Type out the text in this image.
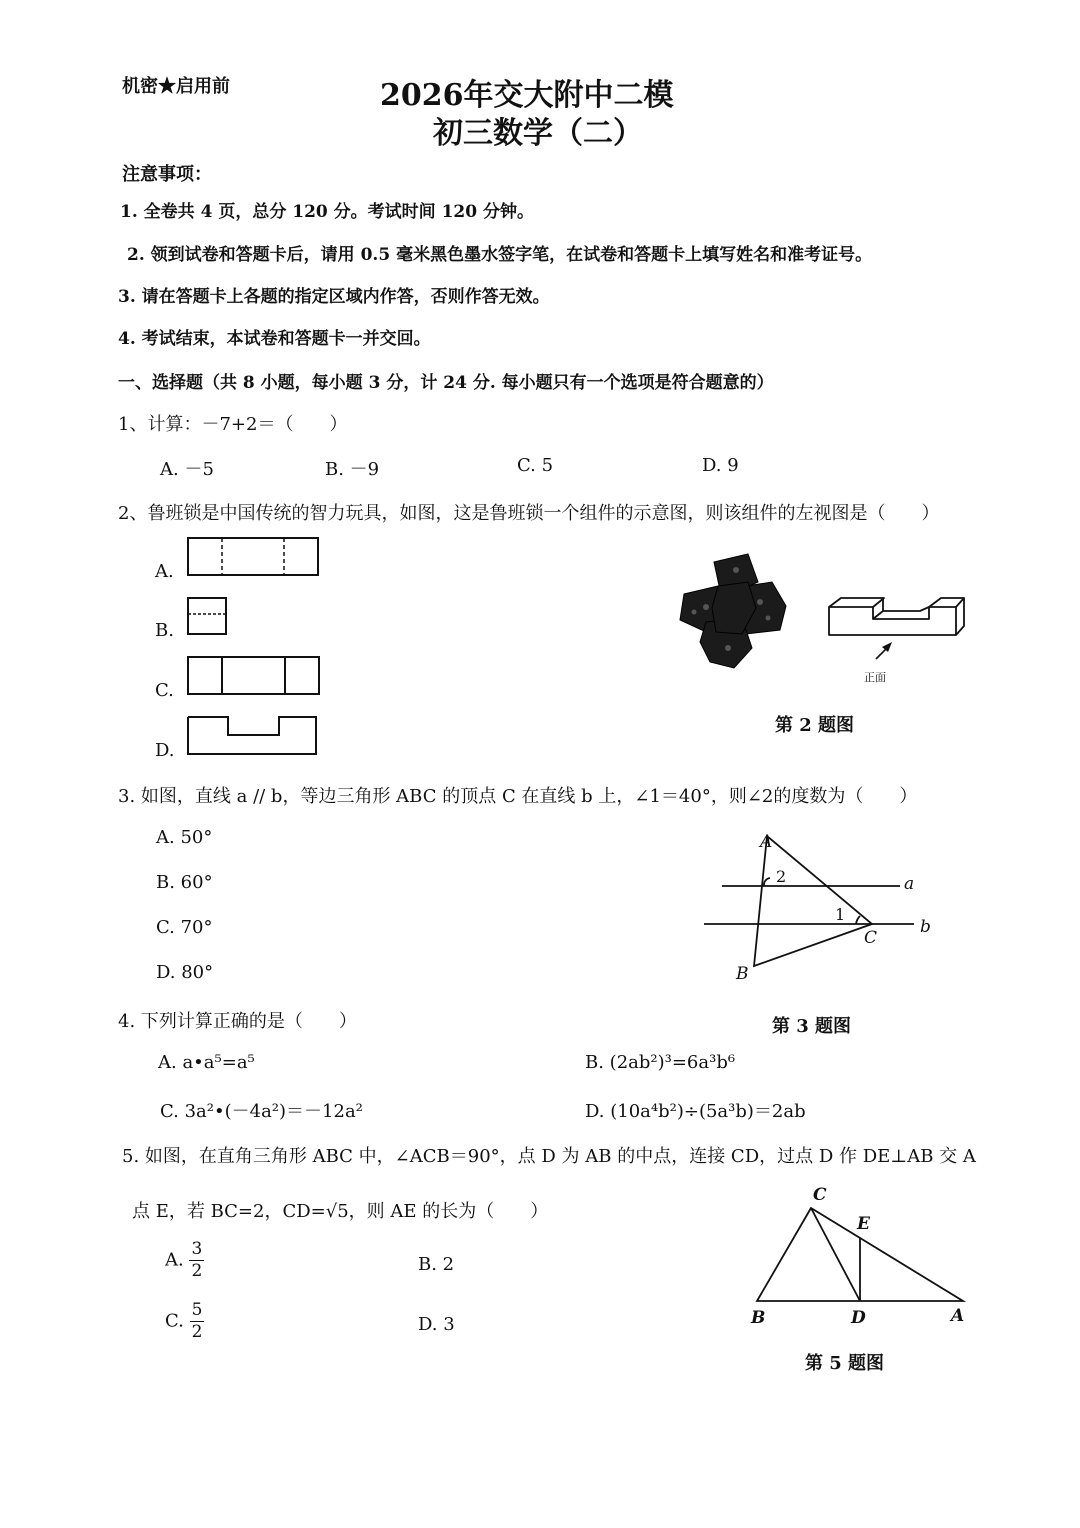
机密★启用前	2026年交大附中二模
初三数学（二）
注意事项：
1. 全卷共 4 页，总分 120 分。考试时间 120 分钟。
2. 领到试卷和答题卡后，请用 0.5 毫米黑色墨水签字笔，在试卷和答题卡上填写姓名和准考证号。
3. 请在答题卡上各题的指定区域内作答，否则作答无效。
4. 考试结束，本试卷和答题卡一并交回。
一、选择题（共 8 小题，每小题 3 分，计 24 分. 每小题只有一个选项是符合题意的）
1、计算：－7+2＝（　　）
A. －5	B. －9	C. 5	D. 9
2、鲁班锁是中国传统的智力玩具，如图，这是鲁班锁一个组件的示意图，则该组件的左视图是（　　）
A.
B.
C.
D.
正面
第 2 题图
3. 如图，直线 a // b，等边三角形 ABC 的顶点 C 在直线 b 上，∠1＝40°，则∠2的度数为（　　）
A. 50°
B. 60°
C. 70°
D. 80°
A
B
C
a
b
1
2
第 3 题图
4. 下列计算正确的是（　　）
A. a•a⁵=a⁵	B. (2ab²)³=6a³b⁶
C. 3a²•(－4a²)＝－12a²	D. (10a⁴b²)÷(5a³b)＝2ab
5. 如图，在直角三角形 ABC 中，∠ACB＝90°，点 D 为 AB 的中点，连接 CD，过点 D 作 DE⊥AB 交 A
点 E，若 BC=2，CD=√5，则 AE 的长为（　　）
A. $\frac{3}{2}$	B. 2
C. $\frac{5}{2}$	D. 3
C
E
B	D	A
第 5 题图
